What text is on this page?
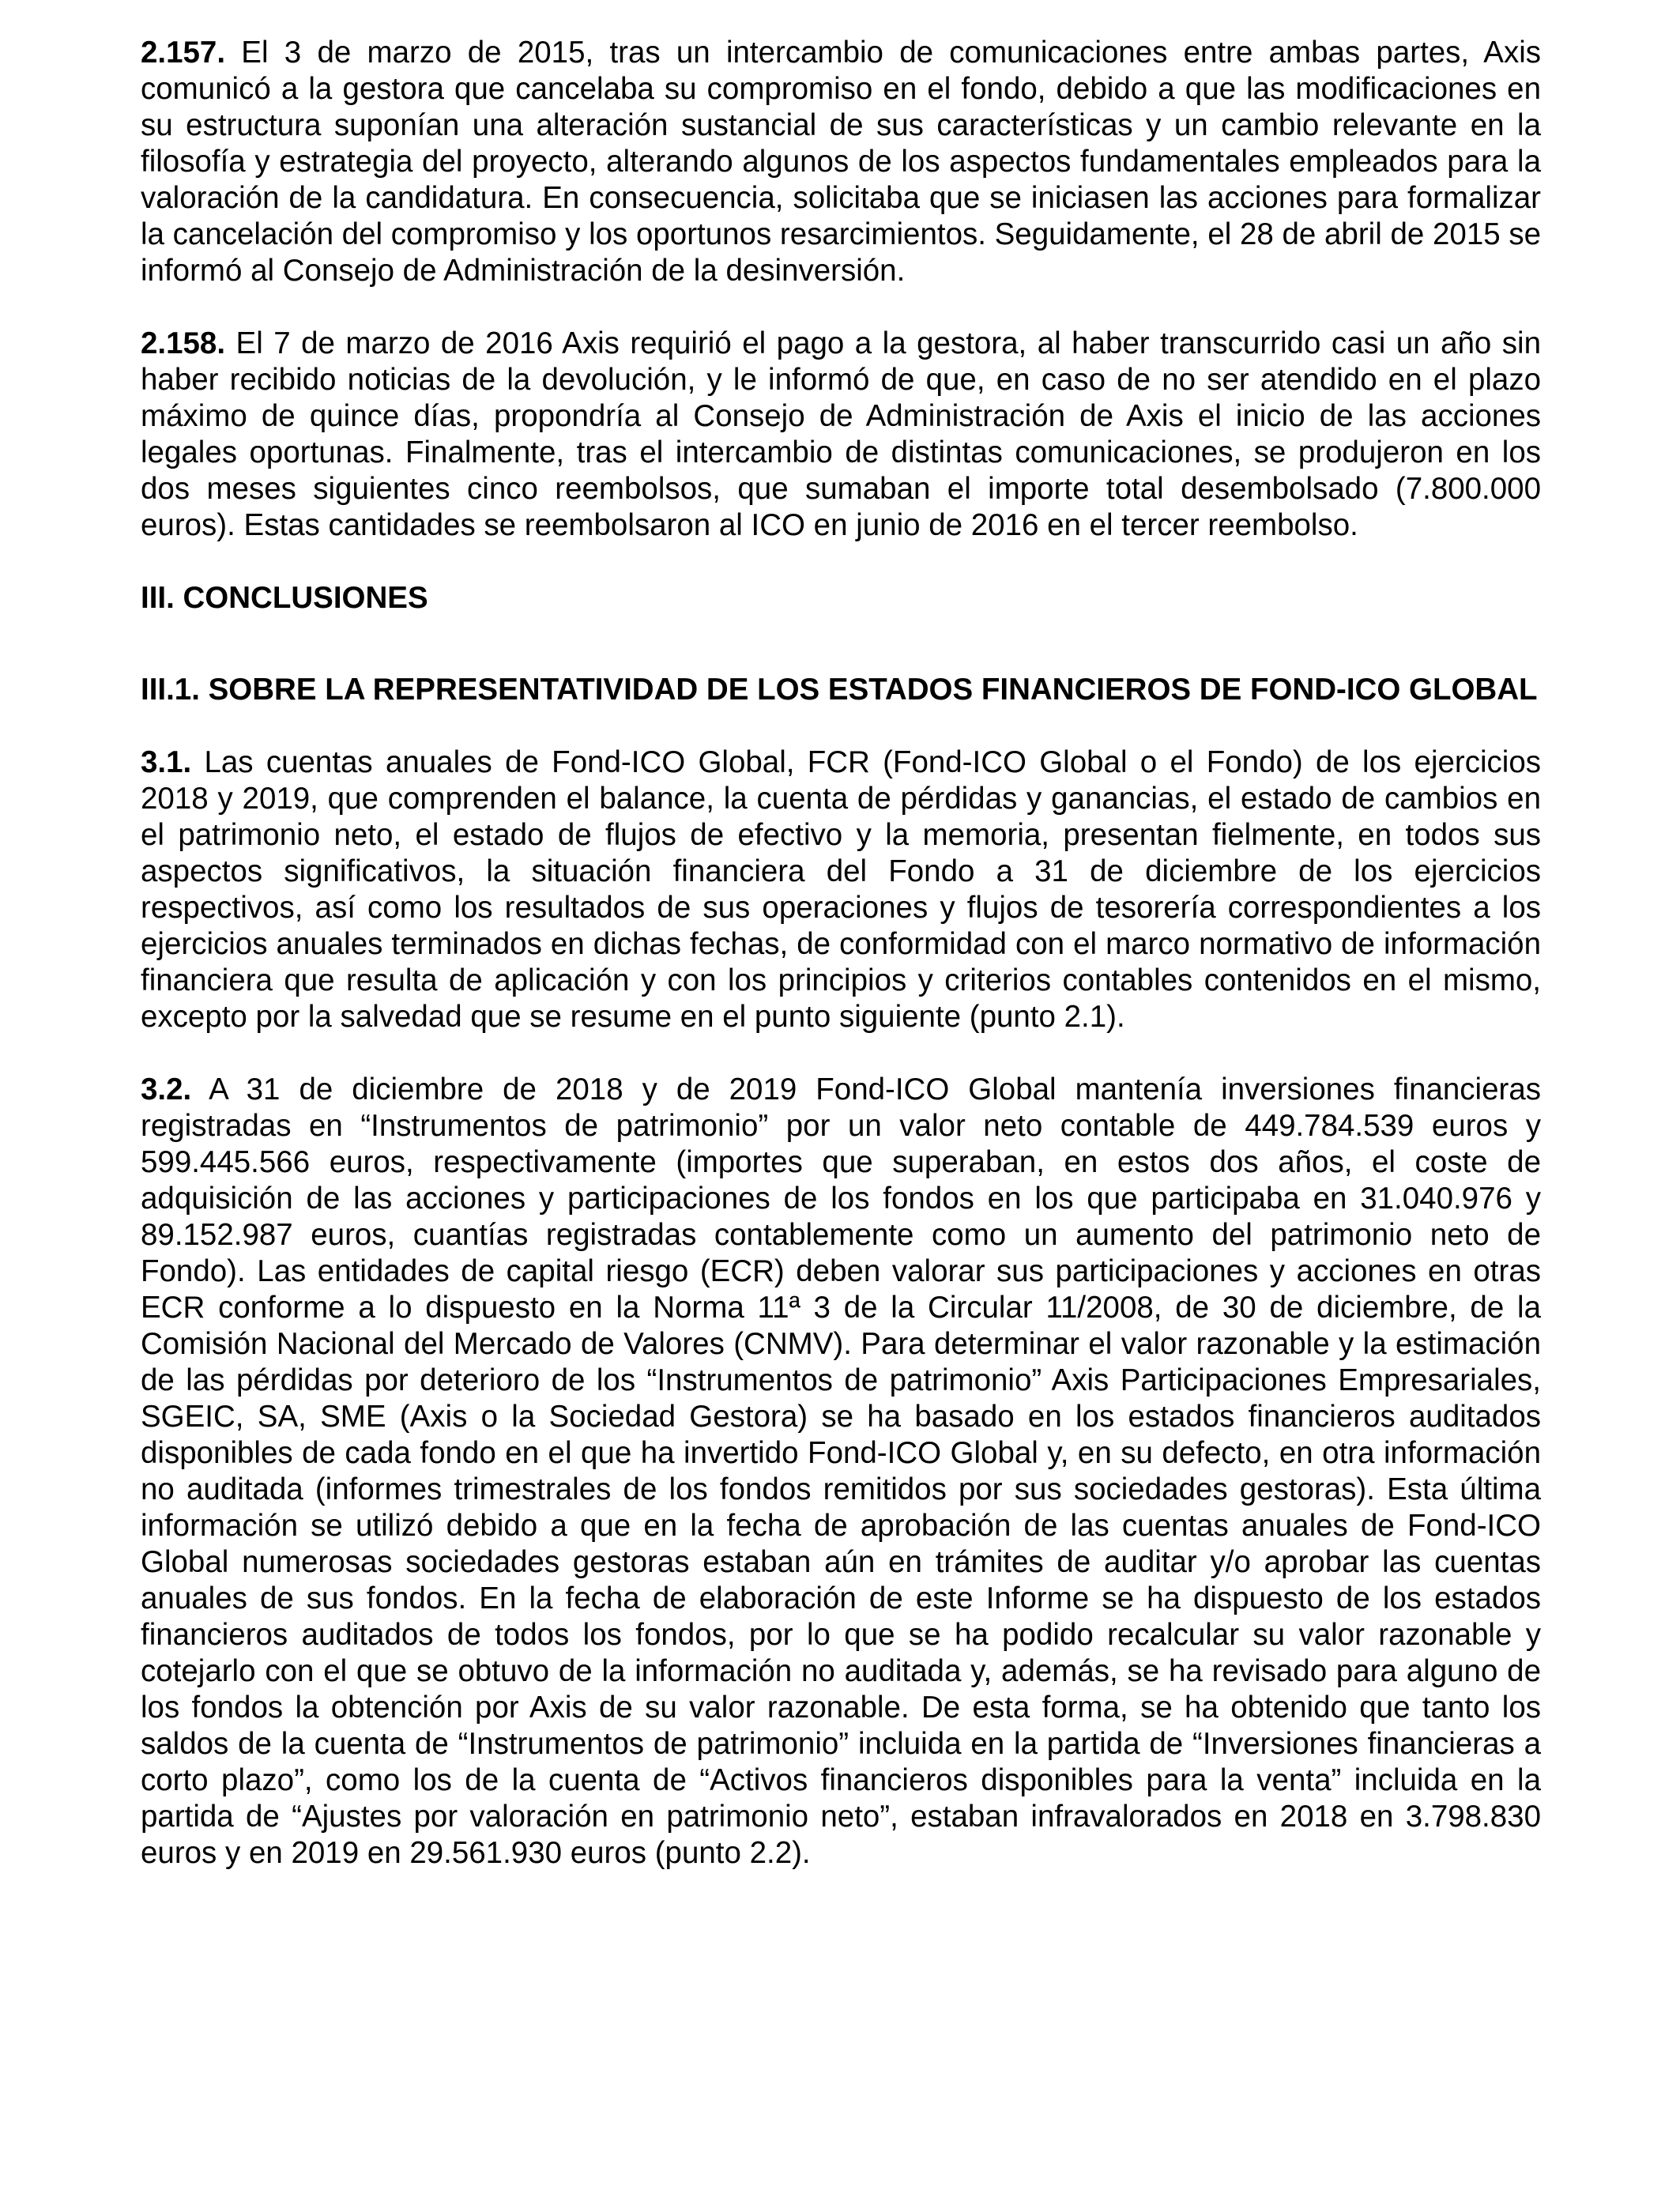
2.157. El 3 de marzo de 2015, tras un intercambio de comunicaciones entre ambas partes, Axis comunicó a la gestora que cancelaba su compromiso en el fondo, debido a que las modificaciones en su estructura suponían una alteración sustancial de sus características y un cambio relevante en la filosofía y estrategia del proyecto, alterando algunos de los aspectos fundamentales empleados para la valoración de la candidatura. En consecuencia, solicitaba que se iniciasen las acciones para formalizar la cancelación del compromiso y los oportunos resarcimientos. Seguidamente, el 28 de abril de 2015 se informó al Consejo de Administración de la desinversión.

2.158. El 7 de marzo de 2016 Axis requirió el pago a la gestora, al haber transcurrido casi un año sin haber recibido noticias de la devolución, y le informó de que, en caso de no ser atendido en el plazo máximo de quince días, propondría al Consejo de Administración de Axis el inicio de las acciones legales oportunas. Finalmente, tras el intercambio de distintas comunicaciones, se produjeron en los dos meses siguientes cinco reembolsos, que sumaban el importe total desembolsado (7.800.000 euros). Estas cantidades se reembolsaron al ICO en junio de 2016 en el tercer reembolso.

III. CONCLUSIONES
III.1. SOBRE LA REPRESENTATIVIDAD DE LOS ESTADOS FINANCIEROS DE FOND-ICO GLOBAL

3.1. Las cuentas anuales de Fond-ICO Global, FCR (Fond-ICO Global o el Fondo) de los ejercicios 2018 y 2019, que comprenden el balance, la cuenta de pérdidas y ganancias, el estado de cambios en el patrimonio neto, el estado de flujos de efectivo y la memoria, presentan fielmente, en todos sus aspectos significativos, la situación financiera del Fondo a 31 de diciembre de los ejercicios respectivos, así como los resultados de sus operaciones y flujos de tesorería correspondientes a los ejercicios anuales terminados en dichas fechas, de conformidad con el marco normativo de información financiera que resulta de aplicación y con los principios y criterios contables contenidos en el mismo, excepto por la salvedad que se resume en el punto siguiente (punto 2.1).

3.2. A 31 de diciembre de 2018 y de 2019 Fond-ICO Global mantenía inversiones financieras registradas en “Instrumentos de patrimonio” por un valor neto contable de 449.784.539 euros y 599.445.566 euros, respectivamente (importes que superaban, en estos dos años, el coste de adquisición de las acciones y participaciones de los fondos en los que participaba en 31.040.976 y 89.152.987 euros, cuantías registradas contablemente como un aumento del patrimonio neto de Fondo). Las entidades de capital riesgo (ECR) deben valorar sus participaciones y acciones en otras ECR conforme a lo dispuesto en la Norma 11ª 3 de la Circular 11/2008, de 30 de diciembre, de la Comisión Nacional del Mercado de Valores (CNMV). Para determinar el valor razonable y la estimación de las pérdidas por deterioro de los “Instrumentos de patrimonio” Axis Participaciones Empresariales, SGEIC, SA, SME (Axis o la Sociedad Gestora) se ha basado en los estados financieros auditados disponibles de cada fondo en el que ha invertido Fond-ICO Global y, en su defecto, en otra información no auditada (informes trimestrales de los fondos remitidos por sus sociedades gestoras). Esta última información se utilizó debido a que en la fecha de aprobación de las cuentas anuales de Fond-ICO Global numerosas sociedades gestoras estaban aún en trámites de auditar y/o aprobar las cuentas anuales de sus fondos. En la fecha de elaboración de este Informe se ha dispuesto de los estados financieros auditados de todos los fondos, por lo que se ha podido recalcular su valor razonable y cotejarlo con el que se obtuvo de la información no auditada y, además, se ha revisado para alguno de los fondos la obtención por Axis de su valor razonable. De esta forma, se ha obtenido que tanto los saldos de la cuenta de “Instrumentos de patrimonio” incluida en la partida de “Inversiones financieras a corto plazo”, como los de la cuenta de “Activos financieros disponibles para la venta” incluida en la partida de “Ajustes por valoración en patrimonio neto”, estaban infravalorados en 2018 en 3.798.830 euros y en 2019 en 29.561.930 euros (punto 2.2).
